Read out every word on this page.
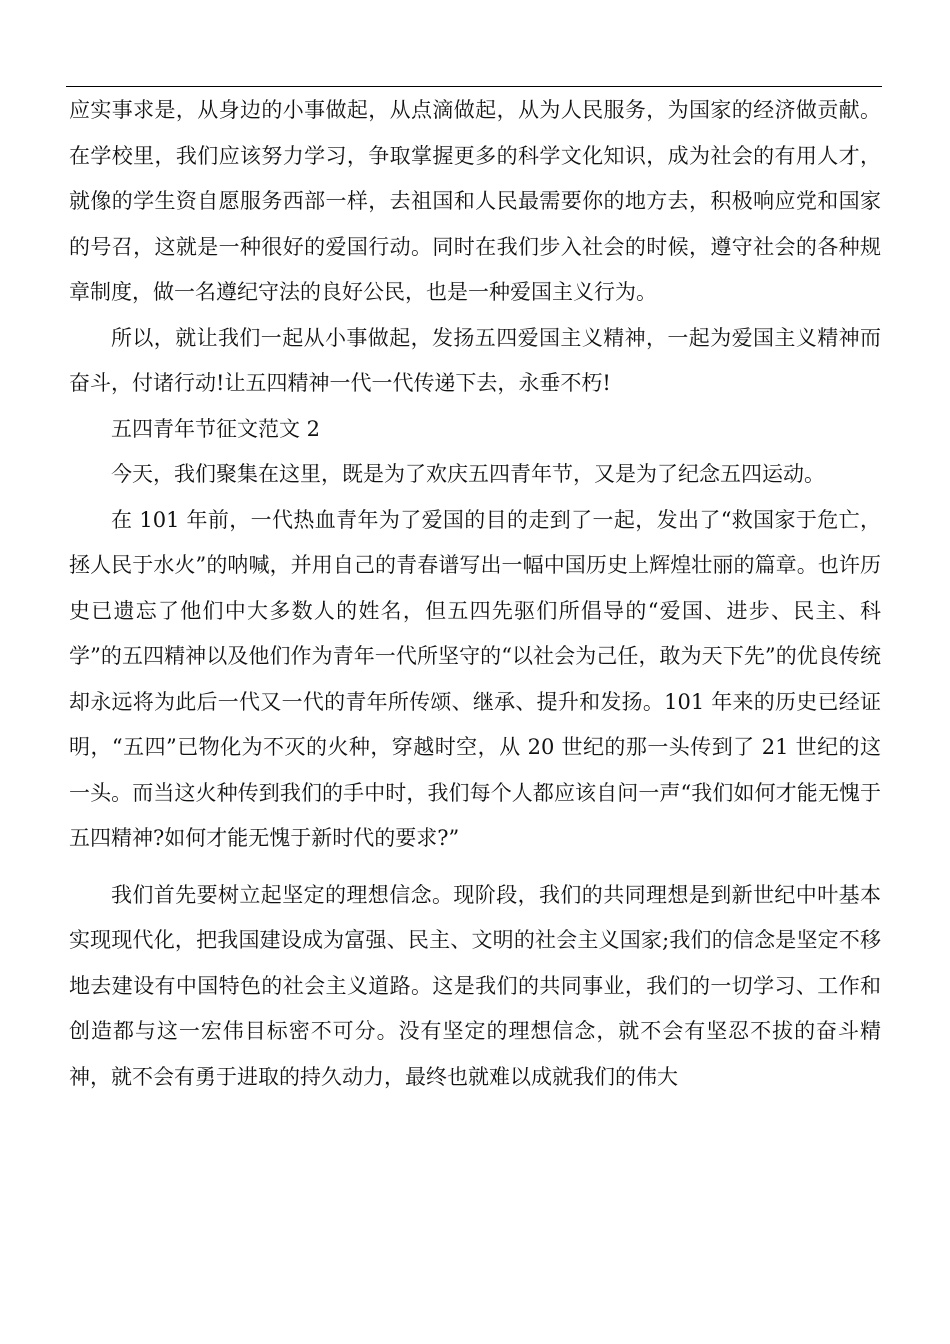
应实事求是，从身边的小事做起，从点滴做起，从为人民服务，为国家的经济做贡献。在学校里，我们应该努力学习，争取掌握更多的科学文化知识，成为社会的有用人才，就像的学生资自愿服务西部一样，去祖国和人民最需要你的地方去，积极响应党和国家的号召，这就是一种很好的爱国行动。同时在我们步入社会的时候，遵守社会的各种规章制度，做一名遵纪守法的良好公民，也是一种爱国主义行为。

所以，就让我们一起从小事做起，发扬五四爱国主义精神，一起为爱国主义精神而奋斗，付诸行动!让五四精神一代一代传递下去，永垂不朽!

五四青年节征文范文 2

今天，我们聚集在这里，既是为了欢庆五四青年节，又是为了纪念五四运动。

在 101 年前，一代热血青年为了爱国的目的走到了一起，发出了“救国家于危亡，拯人民于水火”的呐喊，并用自己的青春谱写出一幅中国历史上辉煌壮丽的篇章。也许历史已遗忘了他们中大多数人的姓名，但五四先驱们所倡导的“爱国、进步、民主、科学”的五四精神以及他们作为青年一代所坚守的“以社会为己任，敢为天下先”的优良传统却永远将为此后一代又一代的青年所传颂、继承、提升和发扬。101 年来的历史已经证明，“五四”已物化为不灭的火种，穿越时空，从 20 世纪的那一头传到了 21 世纪的这一头。而当这火种传到我们的手中时，我们每个人都应该自问一声“我们如何才能无愧于五四精神?如何才能无愧于新时代的要求?”

我们首先要树立起坚定的理想信念。现阶段，我们的共同理想是到新世纪中叶基本实现现代化，把我国建设成为富强、民主、文明的社会主义国家;我们的信念是坚定不移地去建设有中国特色的社会主义道路。这是我们的共同事业，我们的一切学习、工作和创造都与这一宏伟目标密不可分。没有坚定的理想信念，就不会有坚忍不拔的奋斗精神，就不会有勇于进取的持久动力，最终也就难以成就我们的伟大
